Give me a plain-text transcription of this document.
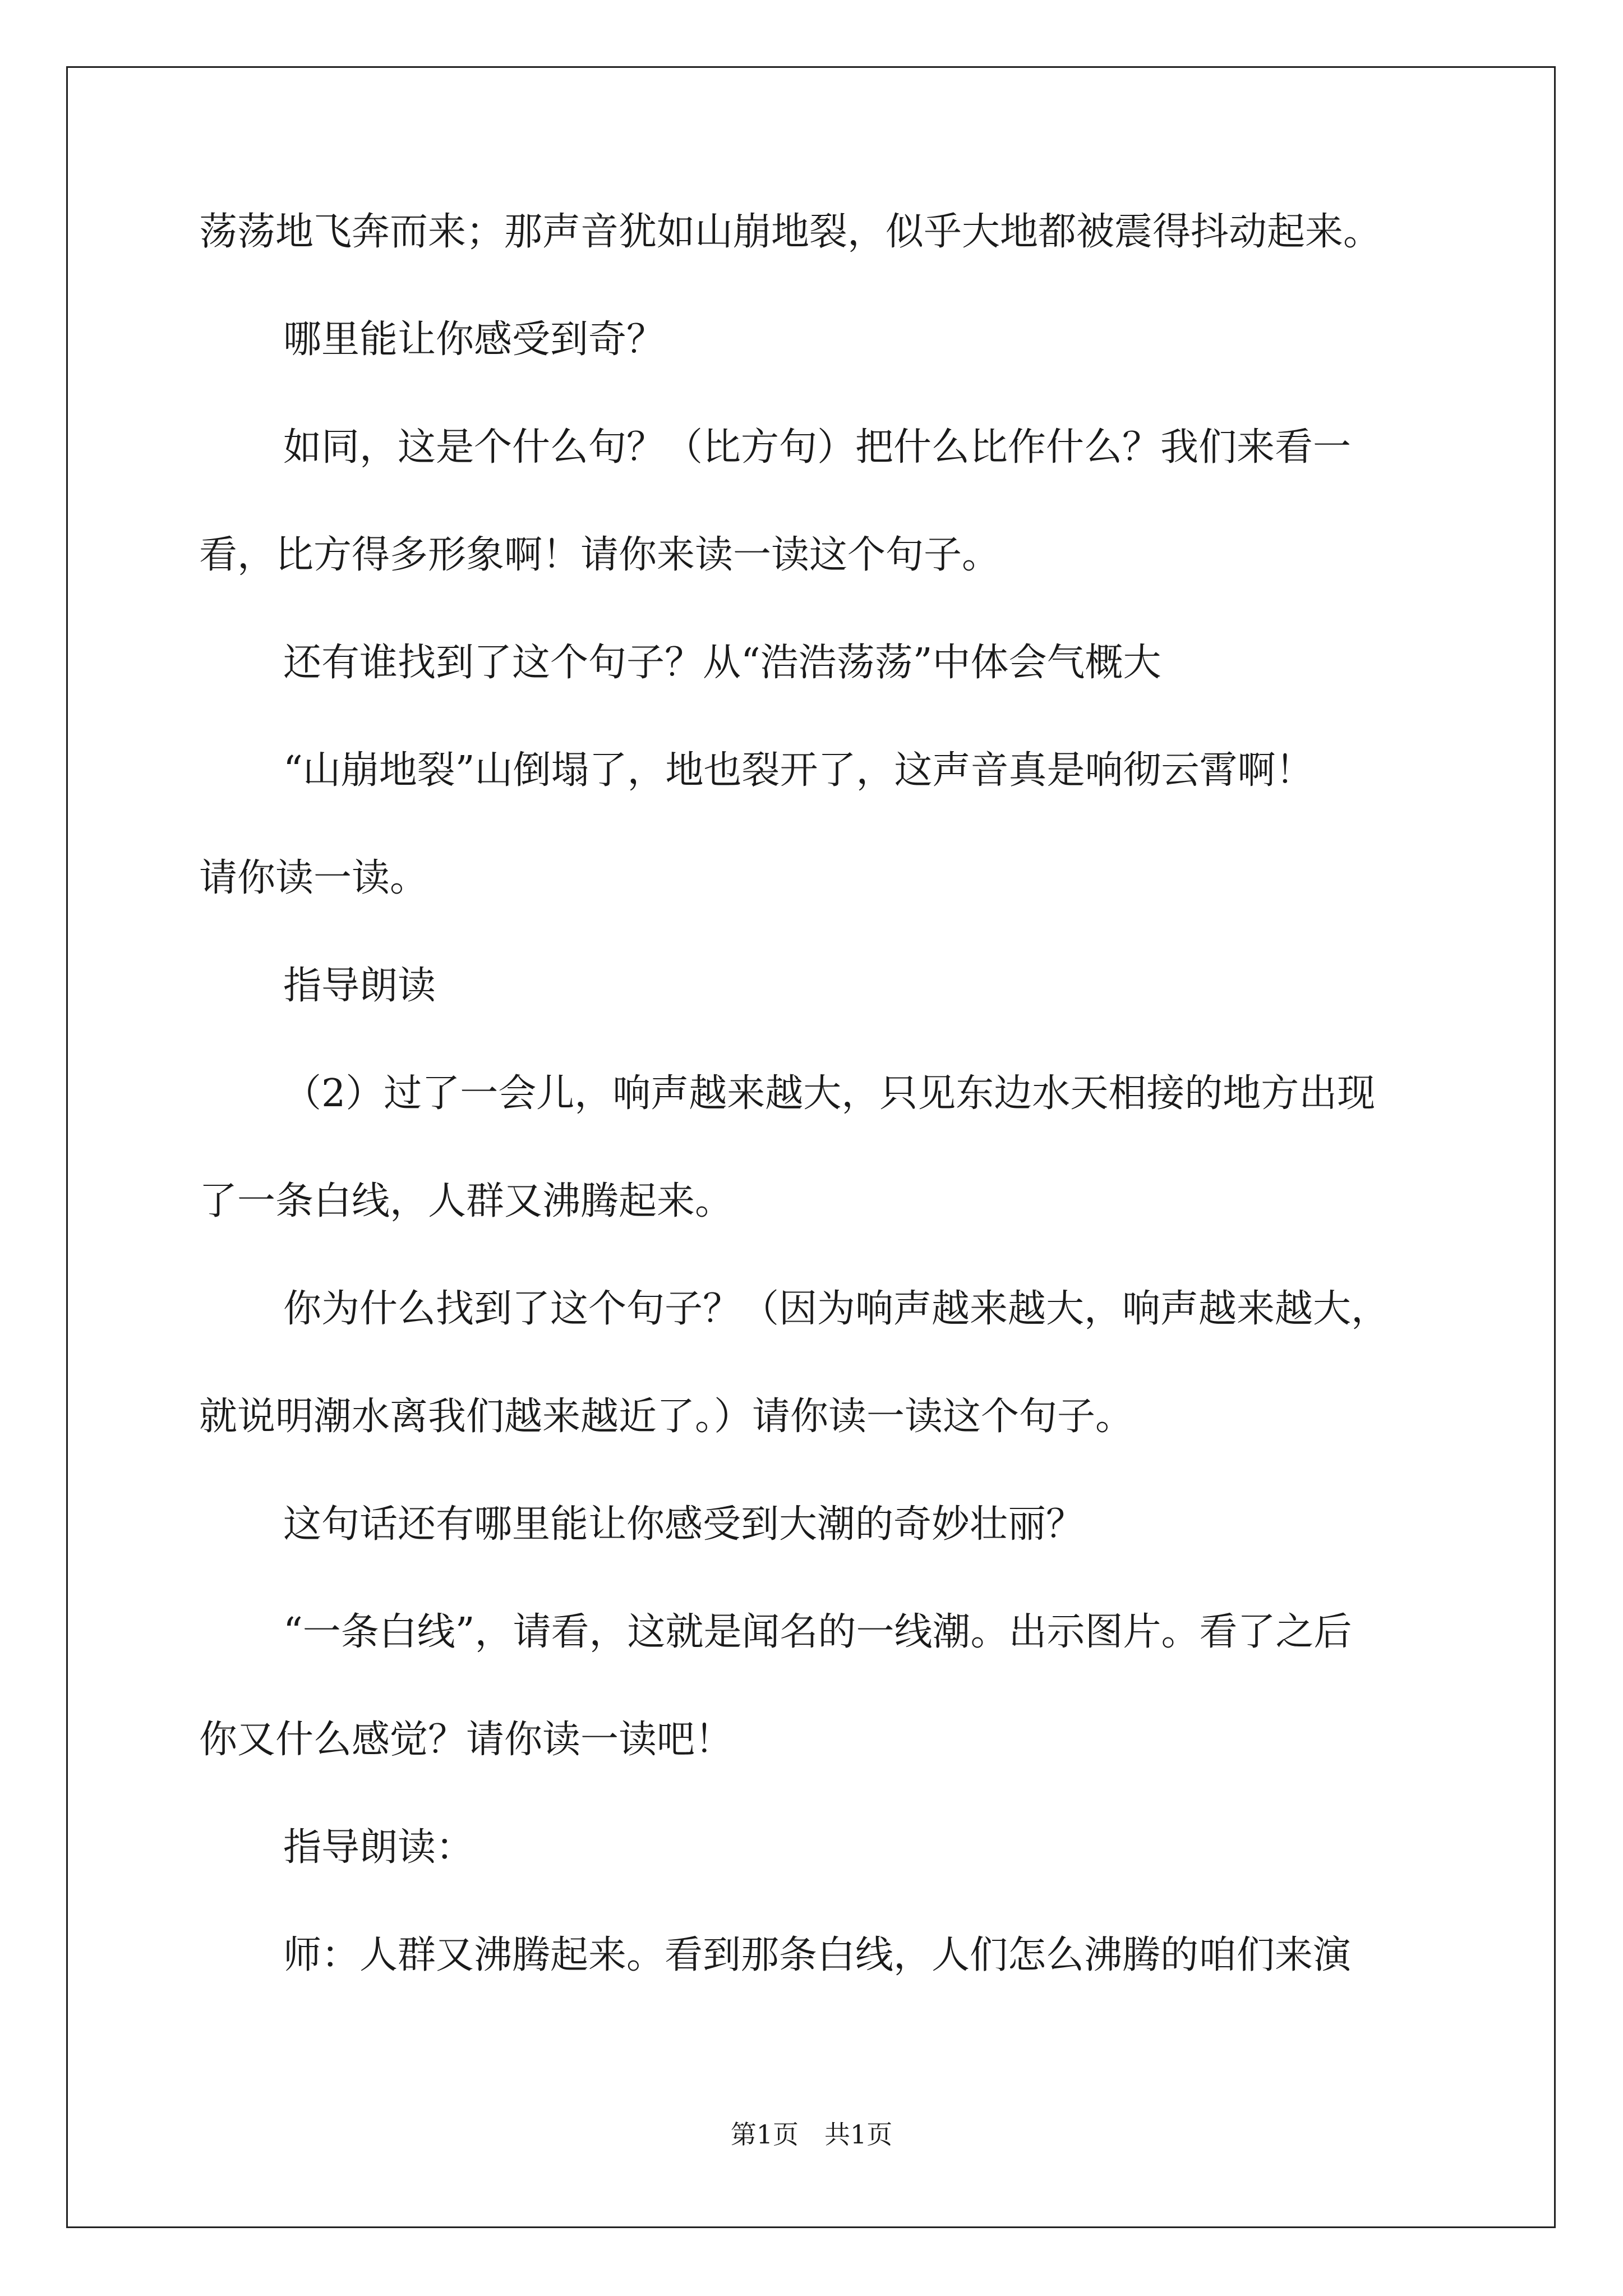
荡荡地飞奔而来；那声音犹如山崩地裂，似乎大地都被震得抖动起来。
哪里能让你感受到奇？
如同，这是个什么句？（比方句）把什么比作什么？我们来看一
看，比方得多形象啊！请你来读一读这个句子。
还有谁找到了这个句子？从“浩浩荡荡”中体会气概大
“山崩地裂”山倒塌了，地也裂开了，这声音真是响彻云霄啊！
请你读一读。
指导朗读
（2）过了一会儿，响声越来越大，只见东边水天相接的地方出现
了一条白线，人群又沸腾起来。
你为什么找到了这个句子？（因为响声越来越大，响声越来越大，
就说明潮水离我们越来越近了。）请你读一读这个句子。
这句话还有哪里能让你感受到大潮的奇妙壮丽？
“一条白线”，请看，这就是闻名的一线潮。出示图片。看了之后
你又什么感觉？请你读一读吧！
指导朗读：
师：人群又沸腾起来。看到那条白线，人们怎么沸腾的咱们来演
第1页　共1页
